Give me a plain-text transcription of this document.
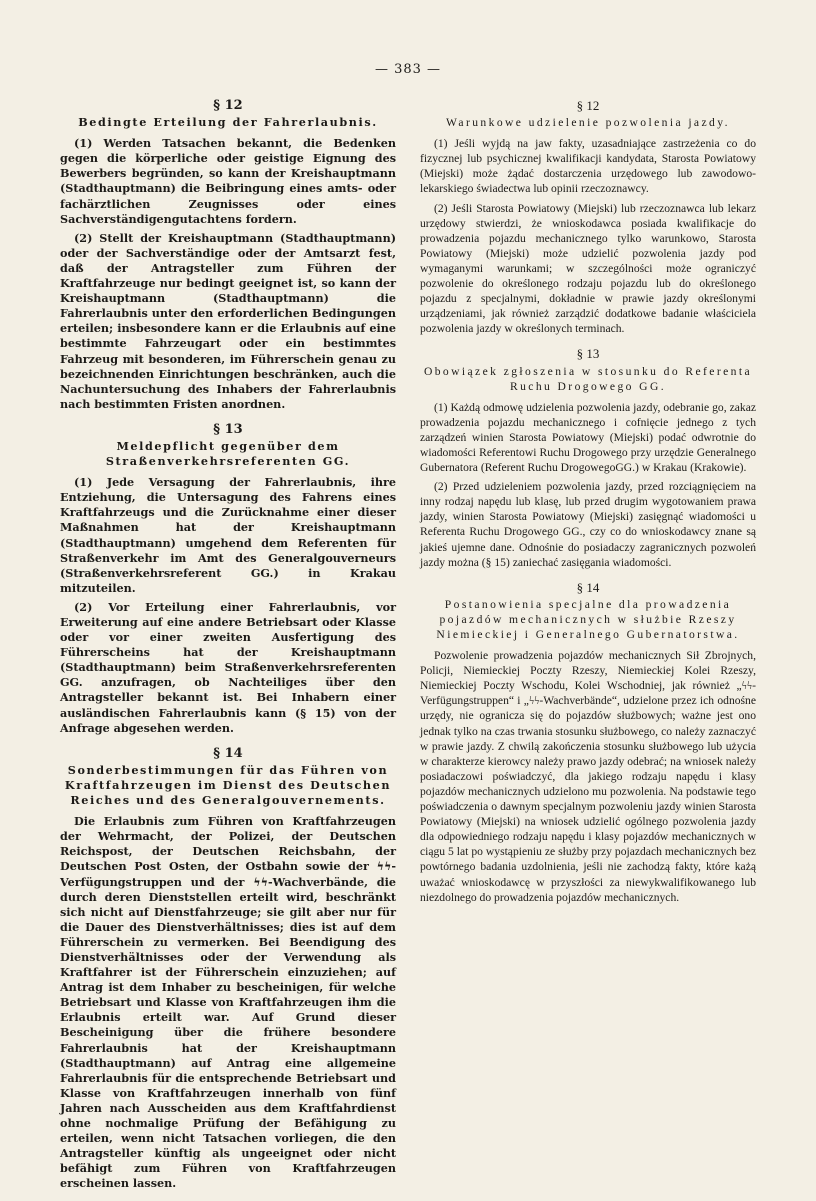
— 383 —
§ 12
Bedingte Erteilung der Fahrerlaubnis.

(1) Werden Tatsachen bekannt, die Bedenken gegen die körperliche oder geistige Eignung des Bewerbers begründen, so kann der Kreishauptmann (Stadthauptmann) die Beibringung eines amts- oder fachärztlichen Zeugnisses oder eines Sachverständigengutachtens fordern.

(2) Stellt der Kreishauptmann (Stadthauptmann) oder der Sachverständige oder der Amtsarzt fest, daß der Antragsteller zum Führen der Kraftfahrzeuge nur bedingt geeignet ist, so kann der Kreishauptmann (Stadthauptmann) die Fahrerlaubnis unter den erforderlichen Bedingungen erteilen; insbesondere kann er die Erlaubnis auf eine bestimmte Fahrzeugart oder ein bestimmtes Fahrzeug mit besonderen, im Führerschein genau zu bezeichnenden Einrichtungen beschränken, auch die Nachuntersuchung des Inhabers der Fahrerlaubnis nach bestimmten Fristen anordnen.

§ 13
Meldepflicht gegenüber dem Straßenverkehrsreferenten GG.

(1) Jede Versagung der Fahrerlaubnis, ihre Entziehung, die Untersagung des Fahrens eines Kraftfahrzeugs und die Zurücknahme einer dieser Maßnahmen hat der Kreishauptmann (Stadthauptmann) umgehend dem Referenten für Straßenverkehr im Amt des Generalgouverneurs (Straßenverkehrsreferent GG.) in Krakau mitzuteilen.

(2) Vor Erteilung einer Fahrerlaubnis, vor Erweiterung auf eine andere Betriebsart oder Klasse oder vor einer zweiten Ausfertigung des Führerscheins hat der Kreishauptmann (Stadthauptmann) beim Straßenverkehrsreferenten GG. anzufragen, ob Nachteiliges über den Antragsteller bekannt ist. Bei Inhabern einer ausländischen Fahrerlaubnis kann (§ 15) von der Anfrage abgesehen werden.

§ 14
Sonderbestimmungen für das Führen von Kraftfahrzeugen im Dienst des Deutschen Reiches und des Generalgouvernements.

Die Erlaubnis zum Führen von Kraftfahrzeugen der Wehrmacht, der Polizei, der Deutschen Reichspost, der Deutschen Reichsbahn, der Deutschen Post Osten, der Ostbahn sowie der ϟϟ-Verfügungstruppen und der ϟϟ-Wachverbände, die durch deren Dienststellen erteilt wird, beschränkt sich nicht auf Dienstfahrzeuge; sie gilt aber nur für die Dauer des Dienstverhältnisses; dies ist auf dem Führerschein zu vermerken. Bei Beendigung des Dienstverhältnisses oder der Verwendung als Kraftfahrer ist der Führerschein einzuziehen; auf Antrag ist dem Inhaber zu bescheinigen, für welche Betriebsart und Klasse von Kraftfahrzeugen ihm die Erlaubnis erteilt war. Auf Grund dieser Bescheinigung über die frühere besondere Fahrerlaubnis hat der Kreishauptmann (Stadthauptmann) auf Antrag eine allgemeine Fahrerlaubnis für die entsprechende Betriebsart und Klasse von Kraftfahrzeugen innerhalb von fünf Jahren nach Ausscheiden aus dem Kraftfahrdienst ohne nochmalige Prüfung der Befähigung zu erteilen, wenn nicht Tatsachen vorliegen, die den Antragsteller künftig als ungeeignet oder nicht befähigt zum Führen von Kraftfahrzeugen erscheinen lassen.

§ 12
Warunkowe udzielenie pozwolenia jazdy.

(1) Jeśli wyjdą na jaw fakty, uzasadniające zastrzeżenia co do fizycznej lub psychicznej kwalifikacji kandydata, Starosta Powiatowy (Miejski) może żądać dostarczenia urzędowego lub zawodowo-lekarskiego świadectwa lub opinii rzeczoznawcy.

(2) Jeśli Starosta Powiatowy (Miejski) lub rzeczoznawca lub lekarz urzędowy stwierdzi, że wnioskodawca posiada kwalifikacje do prowadzenia pojazdu mechanicznego tylko warunkowo, Starosta Powiatowy (Miejski) może udzielić pozwolenia jazdy pod wymaganymi warunkami; w szczególności może ograniczyć pozwolenie do określonego rodzaju pojazdu lub do określonego pojazdu z specjalnymi, dokładnie w prawie jazdy określonymi urządzeniami, jak również zarządzić dodatkowe badanie właściciela pozwolenia jazdy w określonych terminach.

§ 13
Obowiązek zgłoszenia w stosunku do Referenta Ruchu Drogowego GG.

(1) Każdą odmowę udzielenia pozwolenia jazdy, odebranie go, zakaz prowadzenia pojazdu mechanicznego i cofnięcie jednego z tych zarządzeń winien Starosta Powiatowy (Miejski) podać odwrotnie do wiadomości Referentowi Ruchu Drogowego przy urzędzie Generalnego Gubernatora (Referent Ruchu DrogowegoGG.) w Krakau (Krakowie).

(2) Przed udzieleniem pozwolenia jazdy, przed rozciągnięciem na inny rodzaj napędu lub klasę, lub przed drugim wygotowaniem prawa jazdy, winien Starosta Powiatowy (Miejski) zasięgnąć wiadomości u Referenta Ruchu Drogowego GG., czy co do wnioskodawcy znane są jakieś ujemne dane. Odnośnie do posiadaczy zagranicznych pozwoleń jazdy można (§ 15) zaniechać zasięgania wiadomości.

§ 14
Postanowienia specjalne dla prowadzenia pojazdów mechanicznych w służbie Rzeszy Niemieckiej i Generalnego Gubernatorstwa.

Pozwolenie prowadzenia pojazdów mechanicznych Sił Zbrojnych, Policji, Niemieckiej Poczty Rzeszy, Niemieckiej Kolei Rzeszy, Niemieckiej Poczty Wschodu, Kolei Wschodniej, jak również „ϟϟ-Verfügungstruppen“ i „ϟϟ-Wachverbände“, udzielone przez ich odnośne urzędy, nie ogranicza się do pojazdów służbowych; ważne jest ono jednak tylko na czas trwania stosunku służbowego, co należy zaznaczyć w prawie jazdy. Z chwilą zakończenia stosunku służbowego lub użycia w charakterze kierowcy należy prawo jazdy odebrać; na wniosek należy posiadaczowi poświadczyć, dla jakiego rodzaju napędu i klasy pojazdów mechanicznych udzielono mu pozwolenia. Na podstawie tego poświadczenia o dawnym specjalnym pozwoleniu jazdy winien Starosta Powiatowy (Miejski) na wniosek udzielić ogólnego pozwolenia jazdy dla odpowiedniego rodzaju napędu i klasy pojazdów mechanicznych w ciągu 5 lat po wystąpieniu ze służby przy pojazdach mechanicznych bez powtórnego badania uzdolnienia, jeśli nie zachodzą fakty, które każą uważać wnioskodawcę w przyszłości za niewykwalifikowanego lub niezdolnego do prowadzenia pojazdów mechanicznych.
